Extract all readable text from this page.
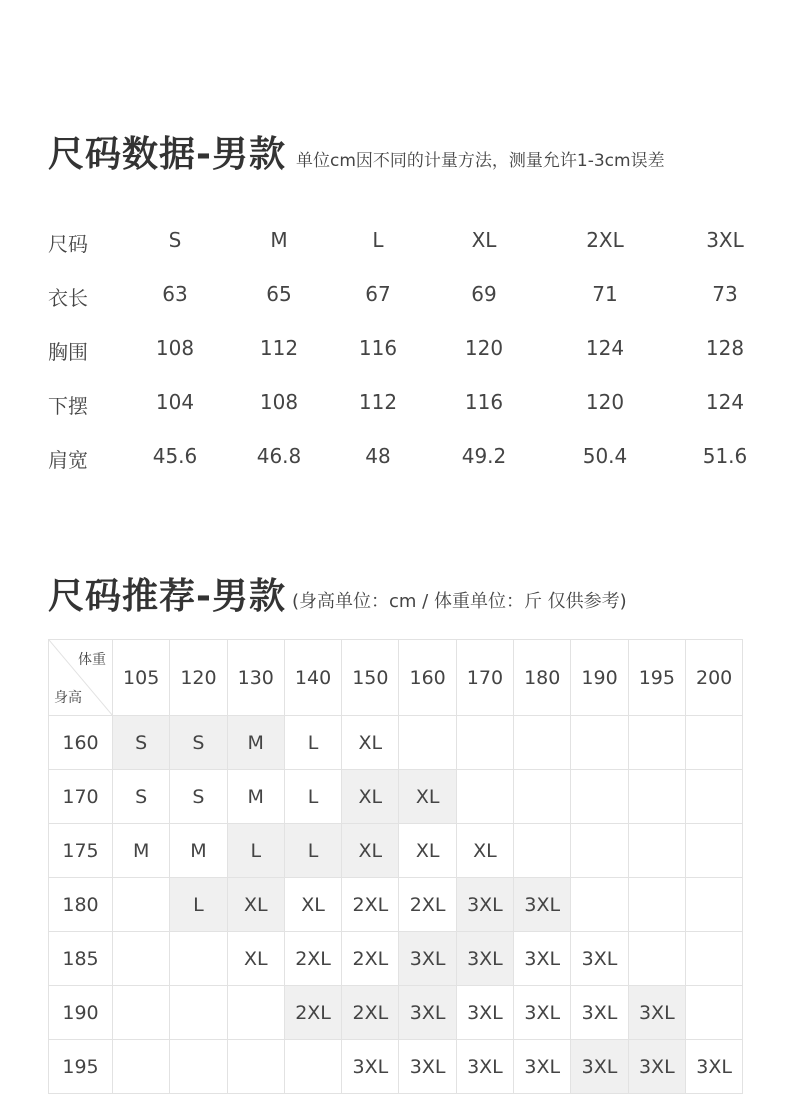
尺码数据-男款 单位cm因不同的计量方法，测量允许1-3cm误差
尺码	S	M	L	XL	2XL	3XL
衣长	63	65	67	69	71	73
胸围	108	112	116	120	124	128
下摆	104	108	112	116	120	124
肩宽	45.6	46.8	48	49.2	50.4	51.6
尺码推荐-男款 (身高单位：cm / 体重单位：斤 仅供参考)
体重
身高	105	120	130	140	150	160	170	180	190	195	200
160	S	S	M	L	XL						
170	S	S	M	L	XL	XL					
175	M	M	L	L	XL	XL	XL				
180		L	XL	XL	2XL	2XL	3XL	3XL			
185			XL	2XL	2XL	3XL	3XL	3XL	3XL		
190				2XL	2XL	3XL	3XL	3XL	3XL	3XL	
195					3XL	3XL	3XL	3XL	3XL	3XL	3XL
